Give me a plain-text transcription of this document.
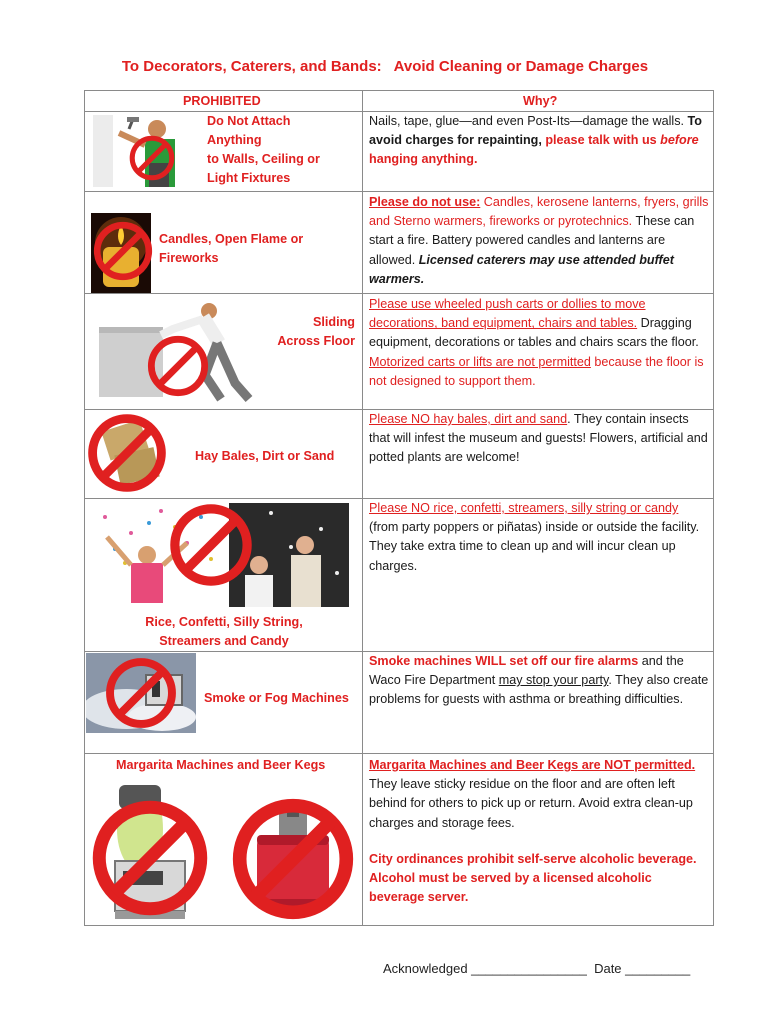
To Decorators, Caterers, and Bands:   Avoid Cleaning or Damage Charges
PROHIBITED	Why?
Do Not Attach
Anything
to Walls, Ceiling or
Light Fixtures
Nails, tape, glue—and even Post-Its—damage the walls. To avoid charges for repainting, please talk with us before hanging anything.
Candles, Open Flame or
Fireworks
Please do not use: Candles, kerosene lanterns, fryers, grills and Sterno warmers, fireworks or pyrotechnics. These can start a fire. Battery powered candles and lanterns are allowed. Licensed caterers may use attended buffet warmers.
Sliding
Across Floor
Please use wheeled push carts or dollies to move decorations, band equipment, chairs and tables. Dragging equipment, decorations or tables and chairs scars the floor. Motorized carts or lifts are not permitted because the floor is not designed to support them.
Hay Bales, Dirt or Sand
Please NO hay bales, dirt and sand. They contain insects that will infest the museum and guests! Flowers, artificial and potted plants are welcome!
Rice, Confetti, Silly String,
Streamers and Candy
Please NO rice, confetti, streamers, silly string or candy (from party poppers or piñatas) inside or outside the facility. They take extra time to clean up and will incur clean up charges.
Smoke or Fog Machines
Smoke machines WILL set off our fire alarms and the Waco Fire Department may stop your party. They also create problems for guests with asthma or breathing difficulties.
Margarita Machines and Beer Kegs	Margarita Machines and Beer Kegs are NOT permitted. They leave sticky residue on the floor and are often left behind for others to pick up or return. Avoid extra clean-up charges and storage fees.
City ordinances prohibit self-serve alcoholic beverage. Alcohol must be served by a licensed alcoholic beverage server.
Acknowledged ________________  Date _________
